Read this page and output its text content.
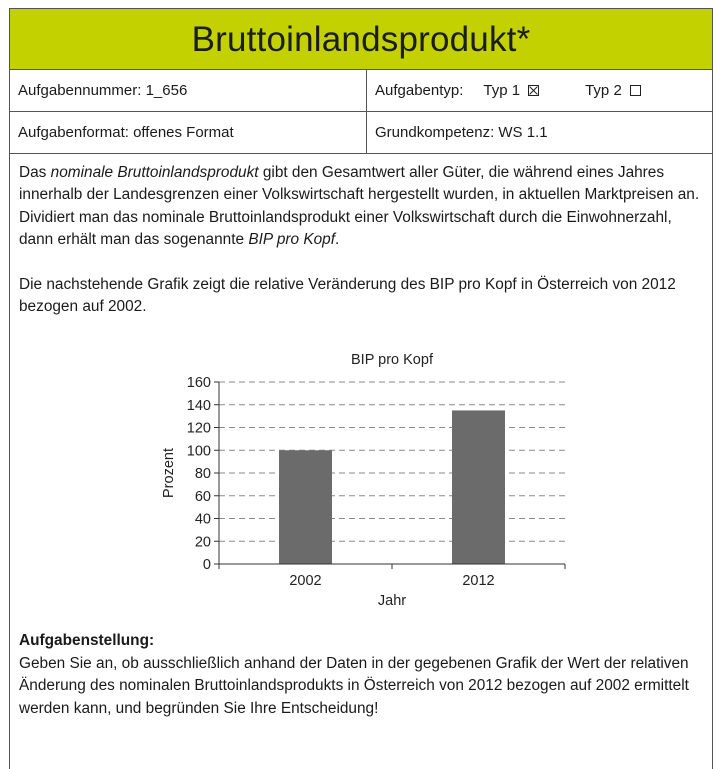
Bruttoinlandsprodukt*
Aufgabennummer: 1_656	Aufgabentyp: Typ 1	Typ 2
Aufgabenformat: offenes Format	Grundkompetenz: WS 1.1

Das nominale Bruttoinlandsprodukt gibt den Gesamtwert aller Güter, die während eines Jahres innerhalb der Landesgrenzen einer Volkswirtschaft hergestellt wurden, in aktuellen Marktpreisen an.

Dividiert man das nominale Bruttoinlandsprodukt einer Volkswirtschaft durch die Einwohnerzahl, dann erhält man das sogenannte BIP pro Kopf.

Die nachstehende Grafik zeigt die relative Veränderung des BIP pro Kopf in Österreich von 2012 bezogen auf 2002.

BIP pro Kopf
0
20
40
60
80
100
120
140
160
2002	2012
Jahr
Prozent

Aufgabenstellung:

Geben Sie an, ob ausschließlich anhand der Daten in der gegebenen Grafik der Wert der relativen Änderung des nominalen Bruttoinlandsprodukts in Österreich von 2012 bezogen auf 2002 ermittelt werden kann, und begründen Sie Ihre Entscheidung!
